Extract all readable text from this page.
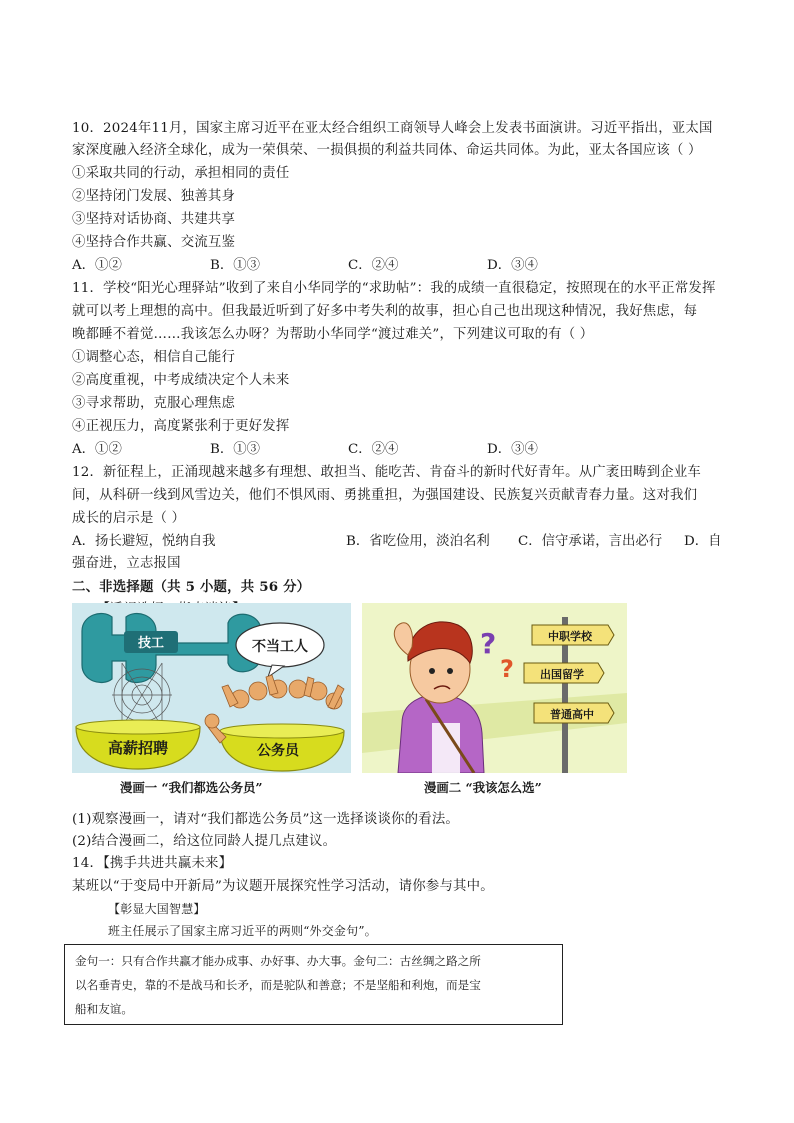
10．2024年11月，国家主席习近平在亚太经合组织工商领导人峰会上发表书面演讲。习近平指出，亚太国
家深度融入经济全球化，成为一荣俱荣、一损俱损的利益共同体、命运共同体。为此，亚太各国应该（ ）
①采取共同的行动，承担相同的责任
②坚持闭门发展、独善其身
③坚持对话协商、共建共享
④坚持合作共赢、交流互鉴
A．①②	B．①③	C．②④	D．③④
11．学校“阳光心理驿站”收到了来自小华同学的“求助帖”：我的成绩一直很稳定，按照现在的水平正常发挥
就可以考上理想的高中。但我最近听到了好多中考失利的故事，担心自己也出现这种情况，我好焦虑，每
晚都睡不着觉……我该怎么办呀？为帮助小华同学“渡过难关”，下列建议可取的有（ ）
①调整心态，相信自己能行
②高度重视，中考成绩决定个人未来
③寻求帮助，克服心理焦虑
④正视压力，高度紧张利于更好发挥
A．①②	B．①③	C．②④	D．③④
12．新征程上，正涌现越来越多有理想、敢担当、能吃苦、肯奋斗的新时代好青年。从广袤田畴到企业车
间，从科研一线到风雪边关，他们不惧风雨、勇挑重担，为强国建设、民族复兴贡献青春力量。这对我们
成长的启示是（ ）
A．扬长避短，悦纳自我	B．省吃俭用，淡泊名利 C．信守承诺，言出必行 D．自
强奋进，立志报国
二、非选择题（共 5 小题，共 56 分）
技工
高薪招聘
不当工人
公务员
漫画一 “我们都选公务员”
?
?
中职学校
出国留学
普通高中
漫画二 “我该怎么选”
(1)观察漫画一，请对“我们都选公务员”这一选择谈谈你的看法。
(2)结合漫画二，给这位同龄人提几点建议。
14．【携手共进共赢未来】
某班以“于变局中开新局”为议题开展探究性学习活动，请你参与其中。
【彰显大国智慧】
班主任展示了国家主席习近平的两则“外交金句”。

金句一：只有合作共赢才能办成事、办好事、办大事。金句二：古丝绸之路之所

以名垂青史，靠的不是战马和长矛，而是驼队和善意；不是坚船和利炮，而是宝

船和友谊。
